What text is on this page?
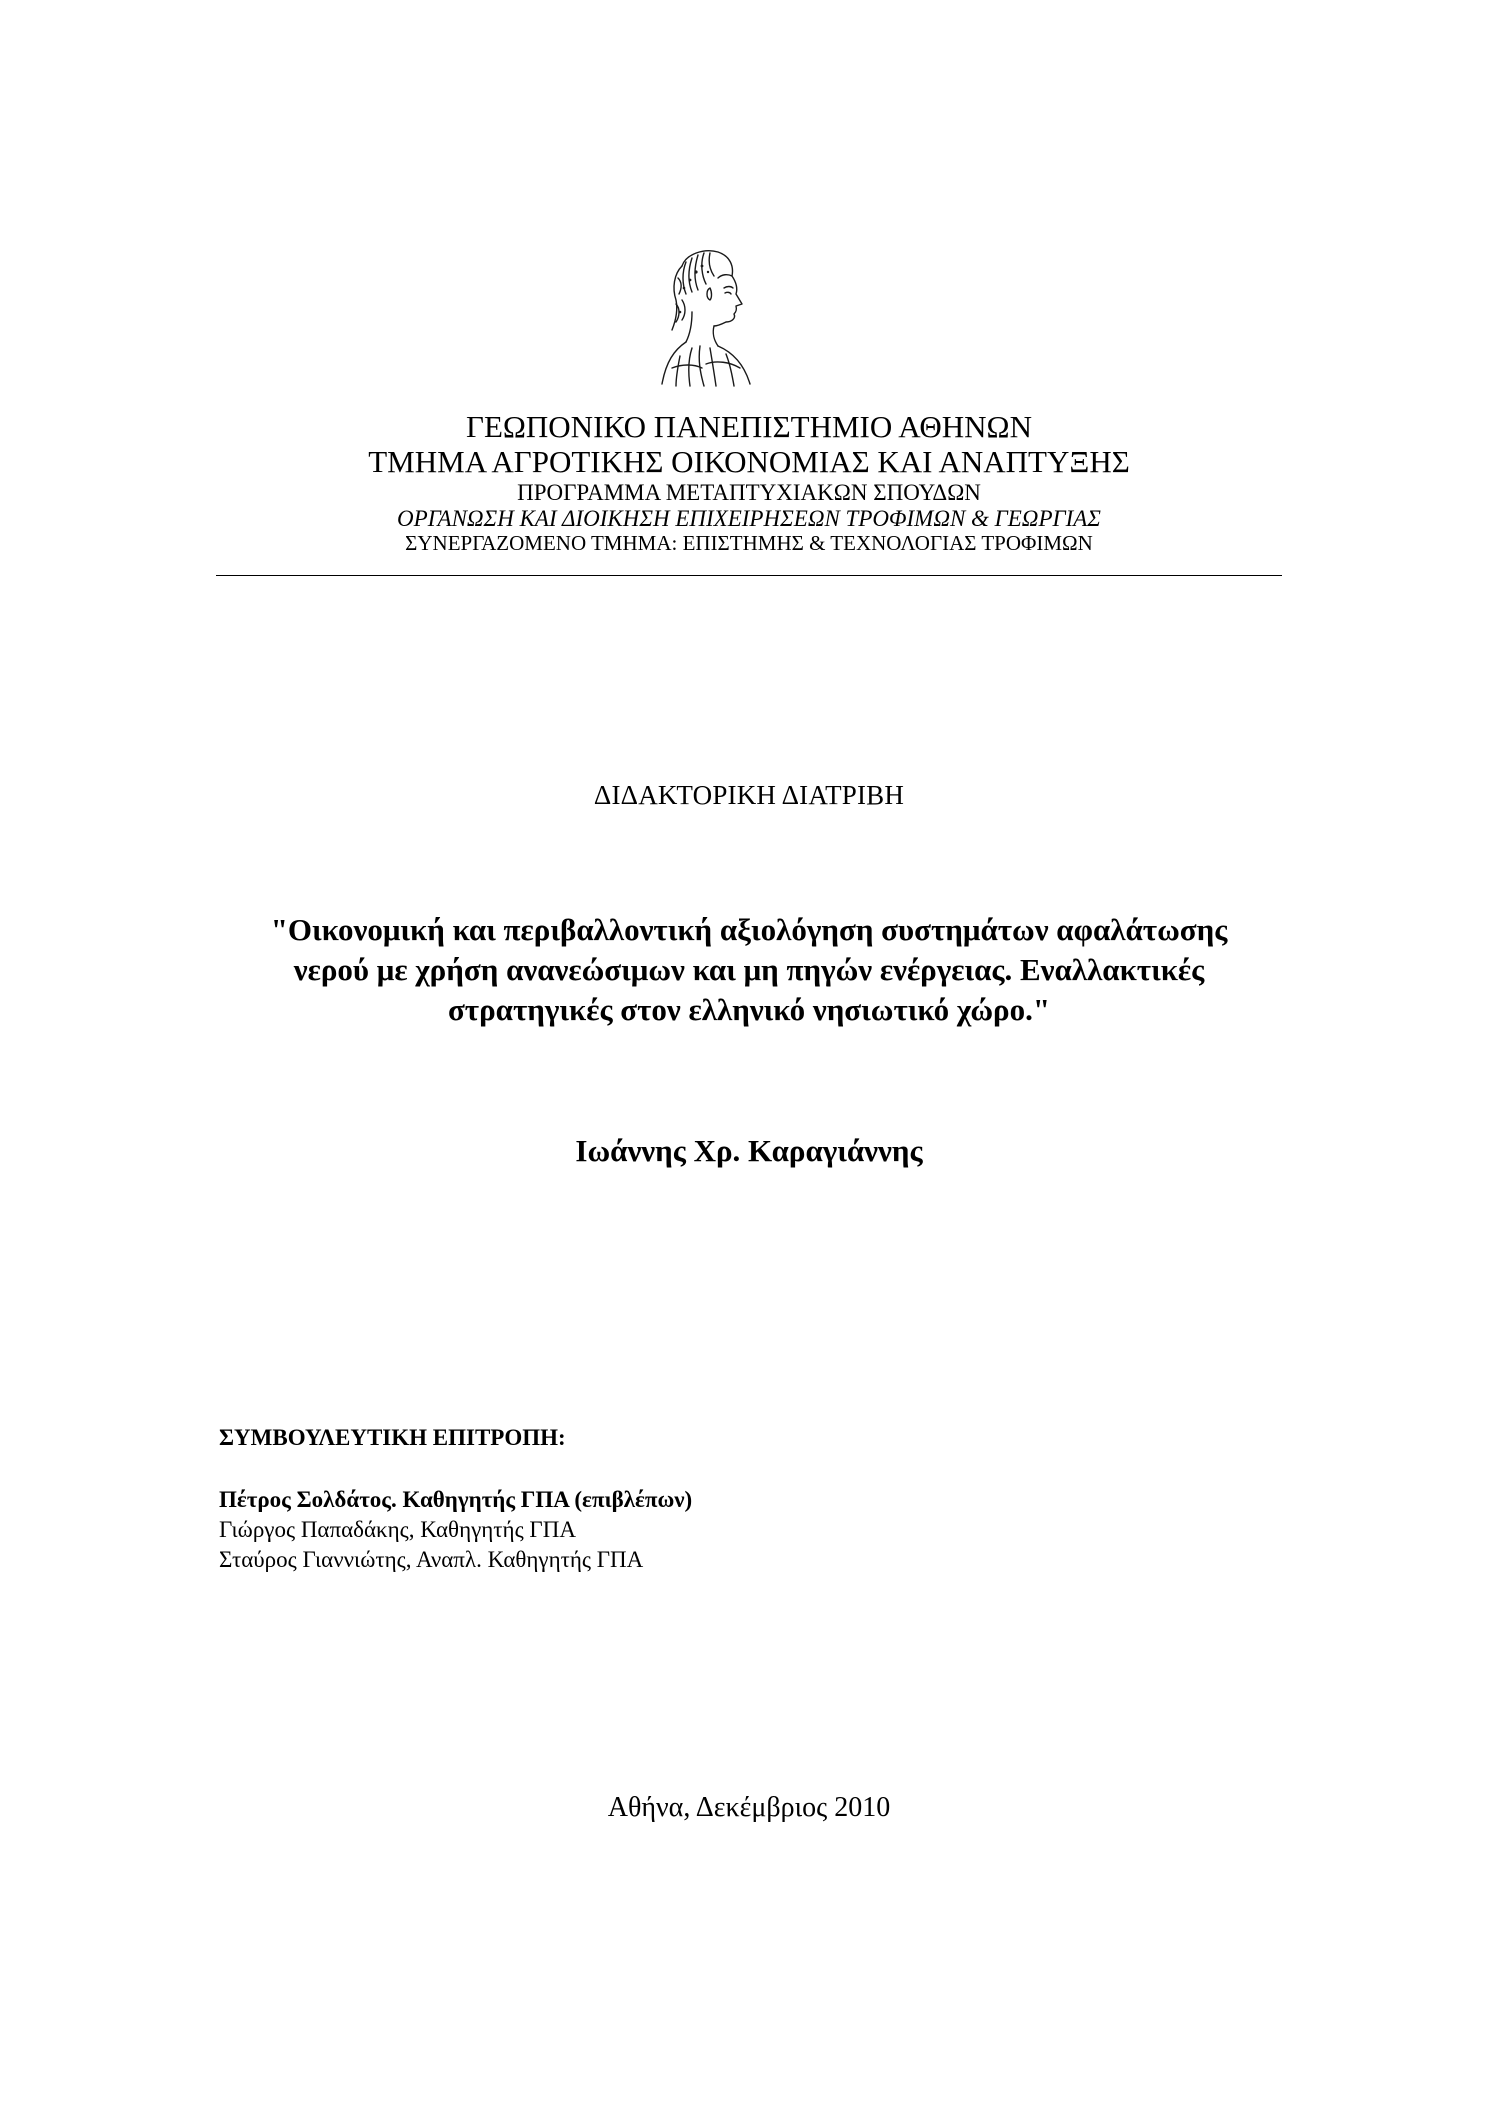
ΓΕΩΠΟΝΙΚΟ ΠΑΝΕΠΙΣΤΗΜΙΟ ΑΘΗΝΩΝ
ΤΜΗΜΑ ΑΓΡΟΤΙΚΗΣ ΟΙΚΟΝΟΜΙΑΣ ΚΑΙ ΑΝΑΠΤΥΞΗΣ
ΠΡΟΓΡΑΜΜΑ ΜΕΤΑΠΤΥΧΙΑΚΩΝ ΣΠΟΥΔΩΝ
ΟΡΓΑΝΩΣΗ ΚΑΙ ΔΙΟΙΚΗΣΗ ΕΠΙΧΕΙΡΗΣΕΩΝ ΤΡΟΦΙΜΩΝ & ΓΕΩΡΓΙΑΣ
ΣΥΝΕΡΓΑΖΟΜΕΝΟ ΤΜΗΜΑ: ΕΠΙΣΤΗΜΗΣ & ΤΕΧΝΟΛΟΓΙΑΣ ΤΡΟΦΙΜΩΝ
ΔΙΔΑΚΤΟΡΙΚΗ ΔΙΑΤΡΙΒΗ
"Οικονομική και περιβαλλοντική αξιολόγηση συστημάτων αφαλάτωσης
νερού με χρήση ανανεώσιμων και μη πηγών ενέργειας. Εναλλακτικές
στρατηγικές στον ελληνικό νησιωτικό χώρο."
Ιωάννης Χρ. Καραγιάννης
ΣΥΜΒΟΥΛΕΥΤΙΚΗ ΕΠΙΤΡΟΠΗ:
Πέτρος Σολδάτος. Καθηγητής ΓΠΑ (επιβλέπων)
Γιώργος Παπαδάκης, Καθηγητής ΓΠΑ
Σταύρος Γιαννιώτης, Αναπλ. Καθηγητής ΓΠΑ
Αθήνα, Δεκέμβριος 2010
